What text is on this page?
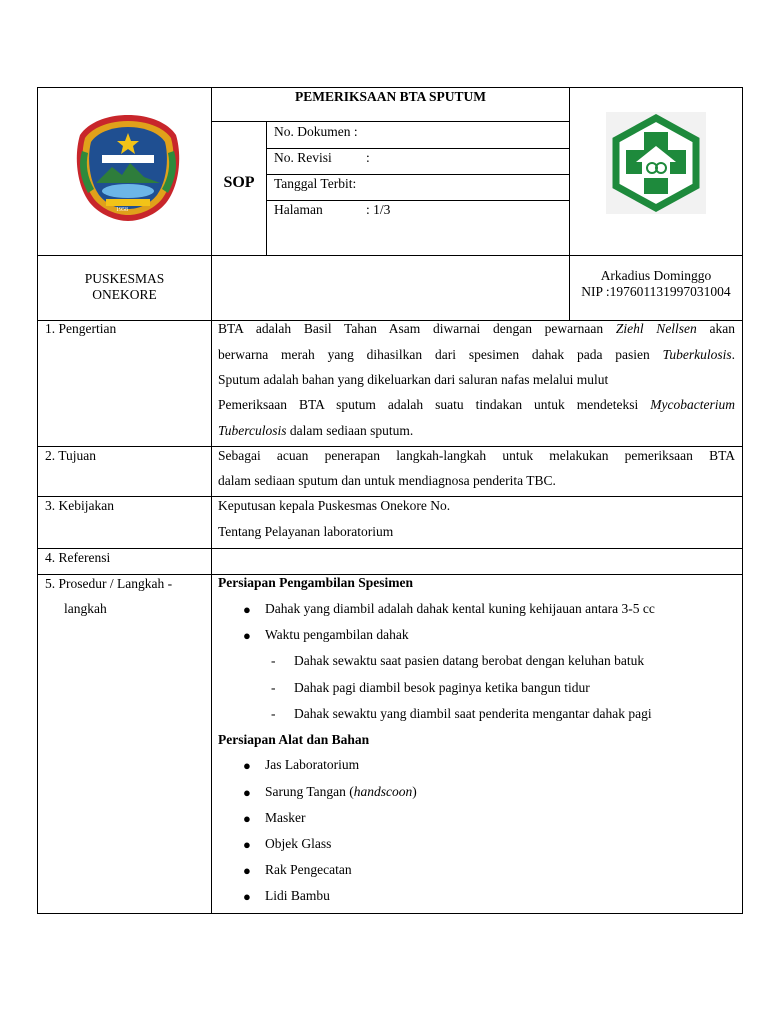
1958
PEMERIKSAAN BTA SPUTUM
SOP
No. Dokumen :
No. Revisi	:
Tanggal Terbit:
Halaman	: 1/3
PUSKESMAS
ONEKORE
Arkadius Dominggo
NIP :197601131997031004
1. Pengertian	BTA adalah Basil Tahan Asam diwarnai dengan pewarnaan Ziehl Nellsen akan
berwarna merah yang dihasilkan dari spesimen dahak pada pasien Tuberkulosis.
Sputum adalah bahan yang dikeluarkan dari saluran nafas melalui mulut
Pemeriksaan BTA sputum adalah suatu tindakan untuk mendeteksi Mycobacterium
Tuberculosis dalam sediaan sputum.
2. Tujuan	Sebagai acuan penerapan langkah-langkah untuk melakukan pemeriksaan BTA
dalam sediaan sputum dan untuk mendiagnosa penderita TBC.
3. Kebijakan	Keputusan kepala Puskesmas Onekore No.
Tentang Pelayanan laboratorium
4. Referensi
5. Prosedur / Langkah -
langkah
Persiapan Pengambilan Spesimen
● Dahak yang diambil adalah dahak kental kuning kehijauan antara 3-5 cc
● Waktu pengambilan dahak
- Dahak sewaktu saat pasien datang berobat dengan keluhan batuk
- Dahak pagi diambil besok paginya ketika bangun tidur
- Dahak sewaktu yang diambil saat penderita mengantar dahak pagi
Persiapan Alat dan Bahan
● Jas Laboratorium
● Sarung Tangan (handscoon)
● Masker
● Objek Glass
● Rak Pengecatan
● Lidi Bambu
